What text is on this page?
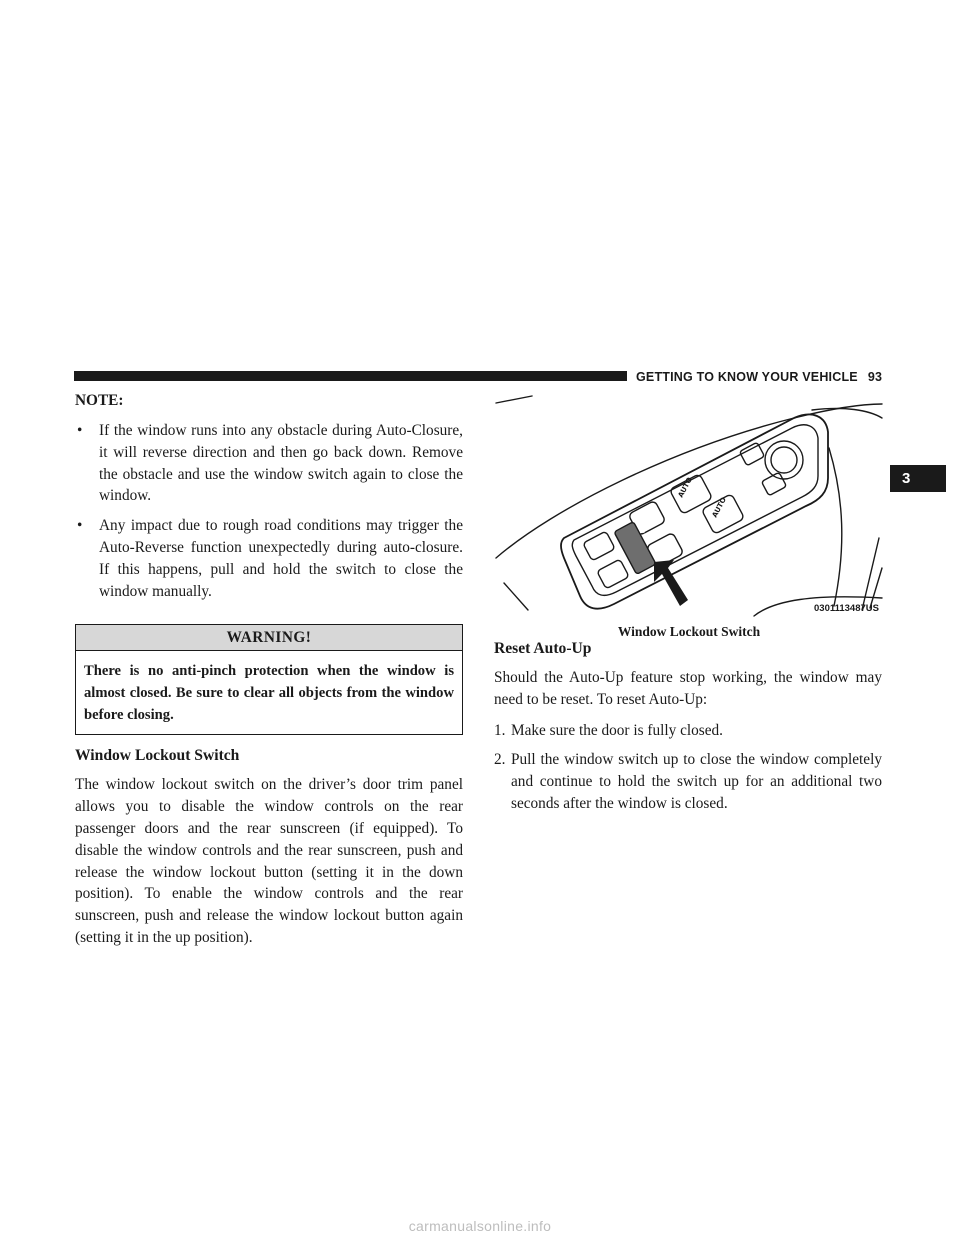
GETTING TO KNOW YOUR VEHICLE 93
3

NOTE:

• If the window runs into any obstacle during Auto-Closure, it will reverse direction and then go back down. Remove the obstacle and use the window switch again to close the window.

• Any impact due to rough road conditions may trigger the Auto-Reverse function unexpectedly during auto-closure. If this happens, pull and hold the switch to close the window manually.

WARNING!
There is no anti-pinch protection when the window is almost closed. Be sure to clear all objects from the window before closing.

Window Lockout Switch

The window lockout switch on the driver’s door trim panel allows you to disable the window controls on the rear passenger doors and the rear sunscreen (if equipped). To disable the window controls and the rear sunscreen, push and release the window lockout button (setting it in the down position). To enable the window controls and the rear sunscreen, push and release the window lockout button again (setting it in the up position).

✕
AUTO
AUTO
0301113487US
Window Lockout Switch

Reset Auto-Up

Should the Auto-Up feature stop working, the window may need to be reset. To reset Auto-Up:

1. Make sure the door is fully closed.

2. Pull the window switch up to close the window completely and continue to hold the switch up for an additional two seconds after the window is closed.

carmanualsonline.info
